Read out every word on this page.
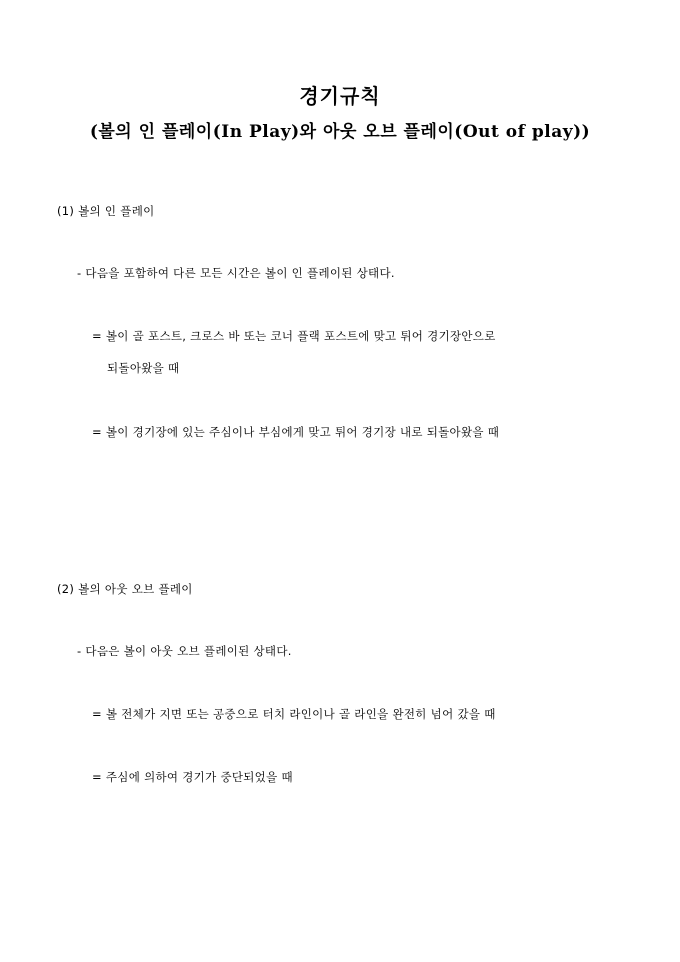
경기규칙
(볼의 인 플레이(In Play)와 아웃 오브 플레이(Out of play))
(1) 볼의 인 플레이
- 다음을 포함하여 다른 모든 시간은 볼이 인 플레이된 상태다.
= 볼이 골 포스트, 크로스 바 또는 코너 플랙 포스트에 맞고 튀어 경기장안으로
되돌아왔을 때
= 볼이 경기장에 있는 주심이나 부심에게 맞고 튀어 경기장 내로 되돌아왔을 때
(2) 볼의 아웃 오브 플레이
- 다음은 볼이 아웃 오브 플레이된 상태다.
= 볼 전체가 지면 또는 공중으로 터치 라인이나 골 라인을 완전히 넘어 갔을 때
= 주심에 의하여 경기가 중단되었을 때
